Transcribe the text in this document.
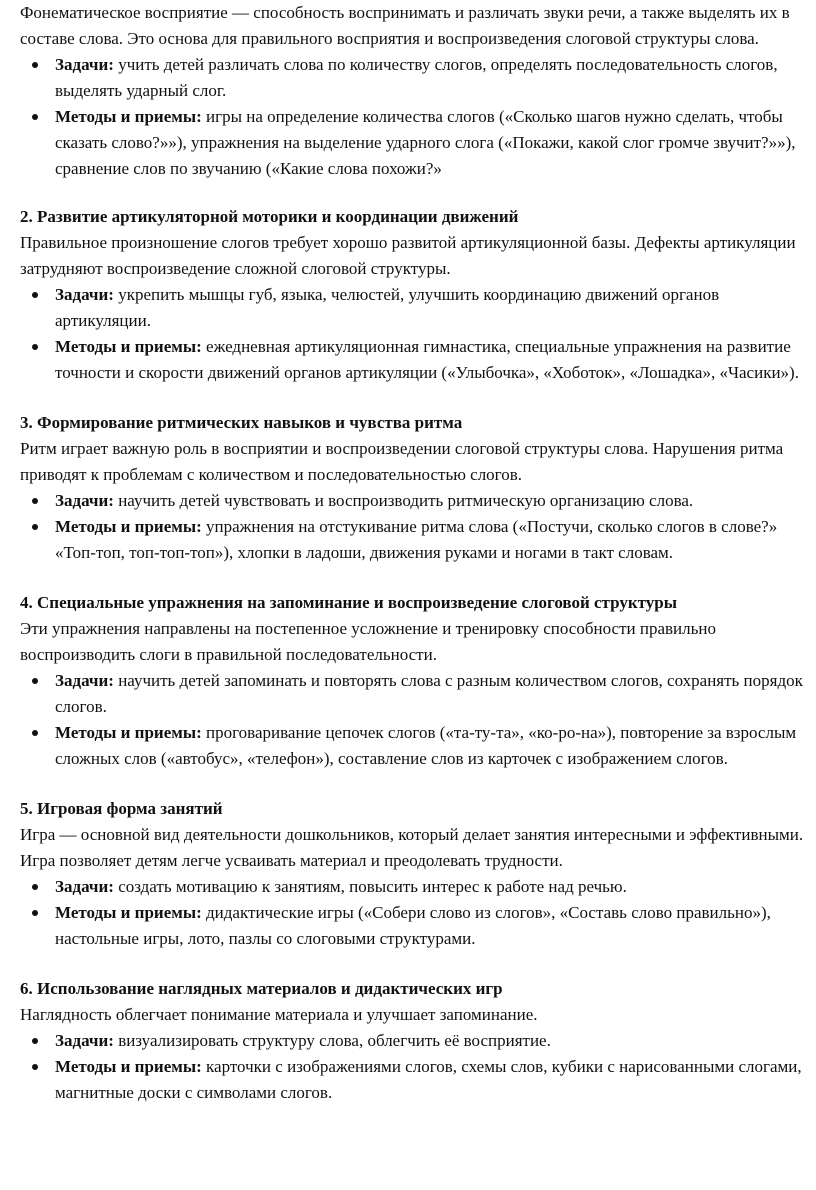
Фонематическое восприятие — способность воспринимать и различать звуки речи, а также выделять их в составе слова. Это основа для правильного восприятия и воспроизведения слоговой структуры слова.

Задачи: учить детей различать слова по количеству слогов, определять последовательность слогов, выделять ударный слог.
Методы и приемы: игры на определение количества слогов («Сколько шагов нужно сделать, чтобы сказать слово?»»), упражнения на выделение ударного слога («Покажи, какой слог громче звучит?»»), сравнение слов по звучанию («Какие слова похожи?»

2. Развитие артикуляторной моторики и координации движений

Правильное произношение слогов требует хорошо развитой артикуляционной базы. Дефекты артикуляции затрудняют воспроизведение сложной слоговой структуры.

Задачи: укрепить мышцы губ, языка, челюстей, улучшить координацию движений органов артикуляции.
Методы и приемы: ежедневная артикуляционная гимнастика, специальные упражнения на развитие точности и скорости движений органов артикуляции («Улыбочка», «Хоботок», «Лошадка», «Часики»).

3. Формирование ритмических навыков и чувства ритма

Ритм играет важную роль в восприятии и воспроизведении слоговой структуры слова. Нарушения ритма приводят к проблемам с количеством и последовательностью слогов.

Задачи: научить детей чувствовать и воспроизводить ритмическую организацию слова.
Методы и приемы: упражнения на отстукивание ритма слова («Постучи, сколько слогов в слове?» «Топ-топ, топ-топ-топ»), хлопки в ладоши, движения руками и ногами в такт словам.

4. Специальные упражнения на запоминание и воспроизведение слоговой структуры

Эти упражнения направлены на постепенное усложнение и тренировку способности правильно воспроизводить слоги в правильной последовательности.

Задачи: научить детей запоминать и повторять слова с разным количеством слогов, сохранять порядок слогов.
Методы и приемы: проговаривание цепочек слогов («та-ту-та», «ко-ро-на»), повторение за взрослым сложных слов («автобус», «телефон»), составление слов из карточек с изображением слогов.

5. Игровая форма занятий

Игра — основной вид деятельности дошкольников, который делает занятия интересными и эффективными. Игра позволяет детям легче усваивать материал и преодолевать трудности.

Задачи: создать мотивацию к занятиям, повысить интерес к работе над речью.
Методы и приемы: дидактические игры («Собери слово из слогов», «Составь слово правильно»), настольные игры, лото, пазлы со слоговыми структурами.

6. Использование наглядных материалов и дидактических игр

Наглядность облегчает понимание материала и улучшает запоминание.

Задачи: визуализировать структуру слова, облегчить её восприятие.
Методы и приемы: карточки с изображениями слогов, схемы слов, кубики с нарисованными слогами, магнитные доски с символами слогов.
